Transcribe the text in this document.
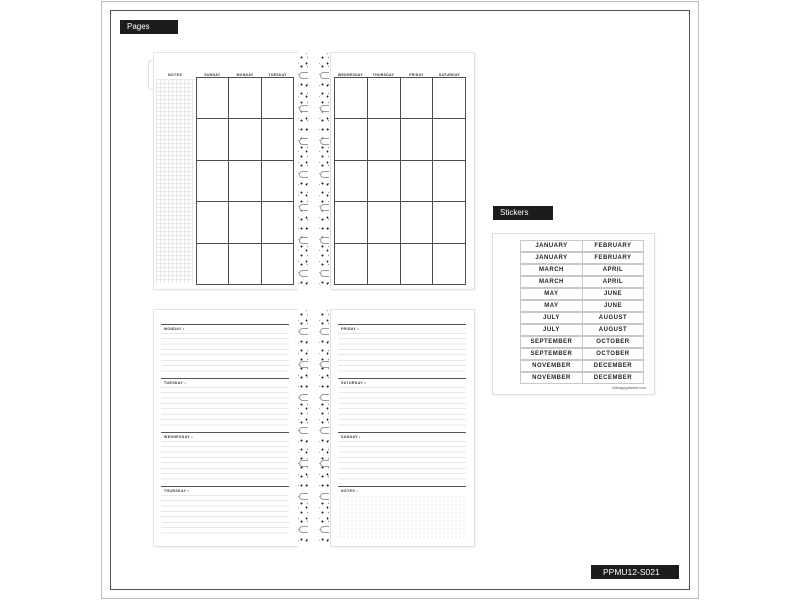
Pages
Stickers
PPMU12-S021
NOTES	SUNDAY	MONDAY	TUESDAY

			WEDNESDAY	THURSDAY	FRIDAY	SATURDAY

MONDAY •
TUESDAY •
WEDNESDAY •
THURSDAY •
FRIDAY •
SATURDAY •
SUNDAY •
NOTES •
JANUARY	FEBRUARY
JANUARY	FEBRUARY
MARCH	APRIL
MARCH	APRIL
MAY	JUNE
MAY	JUNE
JULY	AUGUST
JULY	AUGUST
SEPTEMBER	OCTOBER
SEPTEMBER	OCTOBER
NOVEMBER	DECEMBER
NOVEMBER	DECEMBER
thehappyplanner.com
